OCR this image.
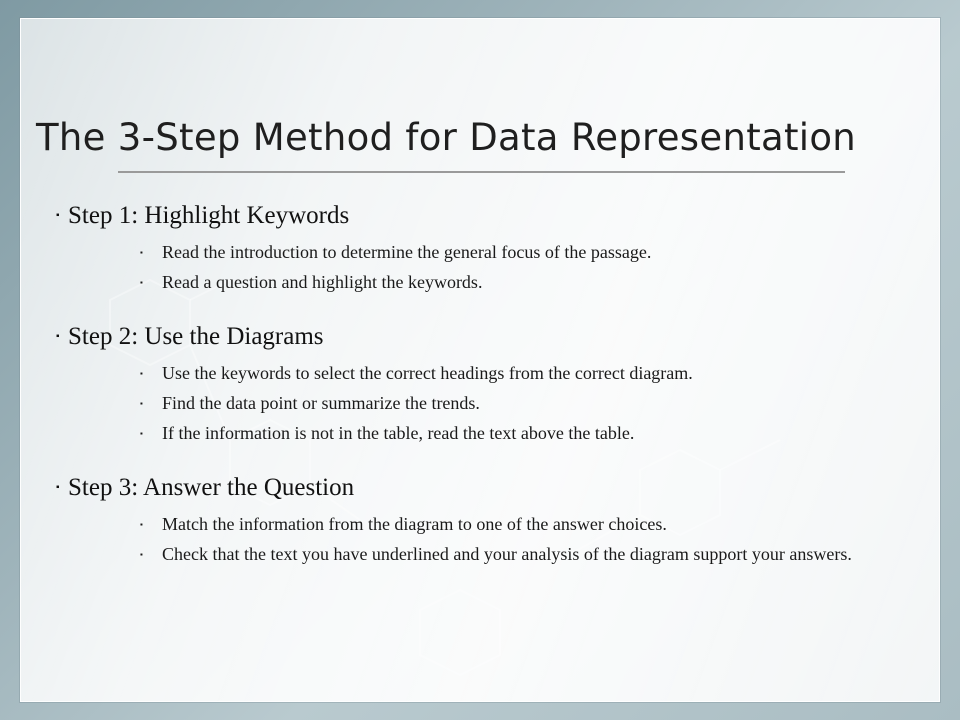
The 3-Step Method for Data Representation
▪ Step 1: Highlight Keywords
▪	Read the introduction to determine the general focus of the passage.
▪	Read a question and highlight the keywords.
▪ Step 2: Use the Diagrams
▪	Use the keywords to select the correct headings from the correct diagram.
▪	Find the data point or summarize the trends.
▪	If the information is not in the table, read the text above the table.
▪ Step 3: Answer the Question
▪	Match the information from the diagram to one of the answer choices.
▪	Check that the text you have underlined and your analysis of the diagram support your answers.
